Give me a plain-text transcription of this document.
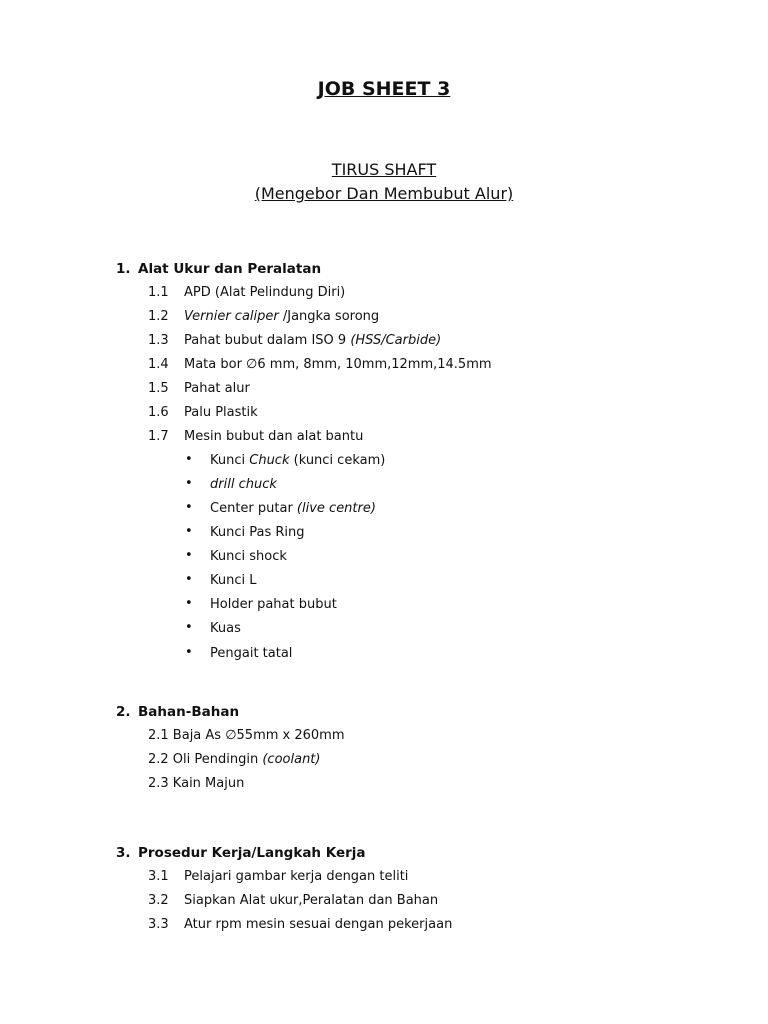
JOB SHEET 3
TIRUS SHAFT
(Mengebor Dan Membubut Alur)
1. Alat Ukur dan Peralatan
1.1 APD (Alat Pelindung Diri)
1.2 Vernier caliper /Jangka sorong
1.3 Pahat bubut dalam ISO 9 (HSS/Carbide)
1.4 Mata bor ∅6 mm, 8mm, 10mm,12mm,14.5mm
1.5 Pahat alur
1.6 Palu Plastik
1.7 Mesin bubut dan alat bantu
• Kunci Chuck (kunci cekam)
• drill chuck
• Center putar (live centre)
• Kunci Pas Ring
• Kunci shock
• Kunci L
• Holder pahat bubut
• Kuas
• Pengait tatal
2. Bahan-Bahan
2.1 Baja As ∅55mm x 260mm
2.2 Oli Pendingin (coolant)
2.3 Kain Majun
3. Prosedur Kerja/Langkah Kerja
3.1 Pelajari gambar kerja dengan teliti
3.2 Siapkan Alat ukur,Peralatan dan Bahan
3.3 Atur rpm mesin sesuai dengan pekerjaan
